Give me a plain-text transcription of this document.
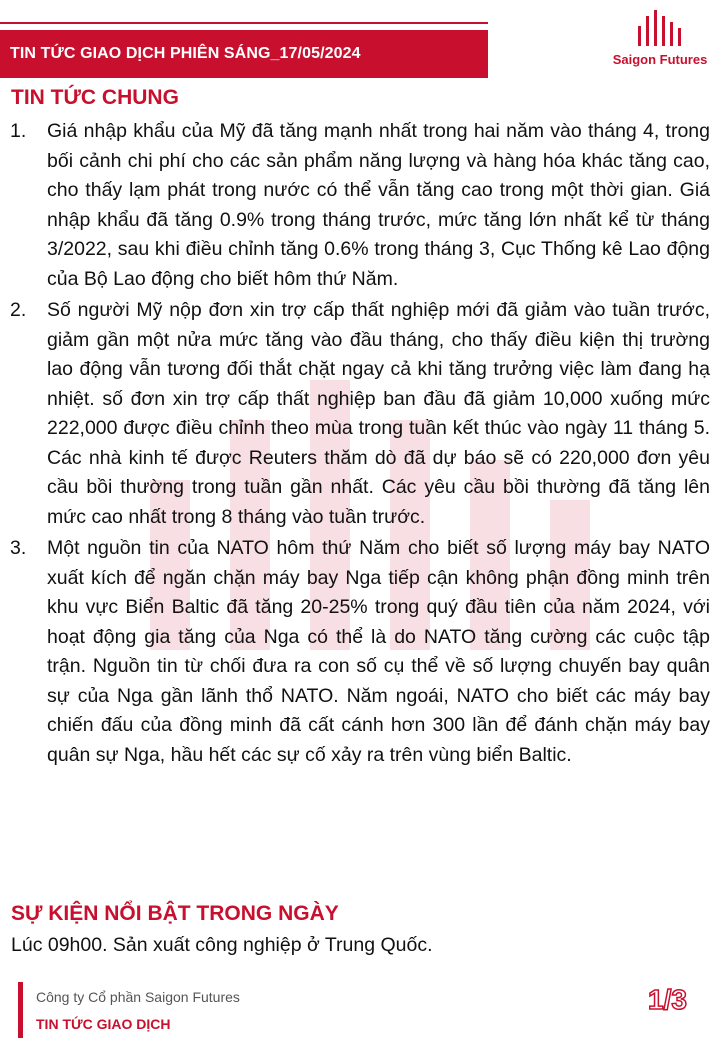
TIN TỨC GIAO DỊCH PHIÊN SÁNG_17/05/2024	Saigon Futures
TIN TỨC CHUNG
1. Giá nhập khẩu của Mỹ đã tăng mạnh nhất trong hai năm vào tháng 4, trong bối cảnh chi phí cho các sản phẩm năng lượng và hàng hóa khác tăng cao, cho thấy lạm phát trong nước có thể vẫn tăng cao trong một thời gian. Giá nhập khẩu đã tăng 0.9% trong tháng trước, mức tăng lớn nhất kể từ tháng 3/2022, sau khi điều chỉnh tăng 0.6% trong tháng 3, Cục Thống kê Lao động của Bộ Lao động cho biết hôm thứ Năm.
2. Số người Mỹ nộp đơn xin trợ cấp thất nghiệp mới đã giảm vào tuần trước, giảm gần một nửa mức tăng vào đầu tháng, cho thấy điều kiện thị trường lao động vẫn tương đối thắt chặt ngay cả khi tăng trưởng việc làm đang hạ nhiệt. số đơn xin trợ cấp thất nghiệp ban đầu đã giảm 10,000 xuống mức 222,000 được điều chỉnh theo mùa trong tuần kết thúc vào ngày 11 tháng 5. Các nhà kinh tế được Reuters thăm dò đã dự báo sẽ có 220,000 đơn yêu cầu bồi thường trong tuần gần nhất. Các yêu cầu bồi thường đã tăng lên mức cao nhất trong 8 tháng vào tuần trước.
3. Một nguồn tin của NATO hôm thứ Năm cho biết số lượng máy bay NATO xuất kích để ngăn chặn máy bay Nga tiếp cận không phận đồng minh trên khu vực Biển Baltic đã tăng 20-25% trong quý đầu tiên của năm 2024, với hoạt động gia tăng của Nga có thể là do NATO tăng cường các cuộc tập trận. Nguồn tin từ chối đưa ra con số cụ thể về số lượng chuyến bay quân sự của Nga gần lãnh thổ NATO. Năm ngoái, NATO cho biết các máy bay chiến đấu của đồng minh đã cất cánh hơn 300 lần để đánh chặn máy bay quân sự Nga, hầu hết các sự cố xảy ra trên vùng biển Baltic.
SỰ KIỆN NỔI BẬT TRONG NGÀY
Lúc 09h00. Sản xuất công nghiệp ở Trung Quốc.
Công ty Cổ phần Saigon Futures
TIN TỨC GIAO DỊCH
1/3
